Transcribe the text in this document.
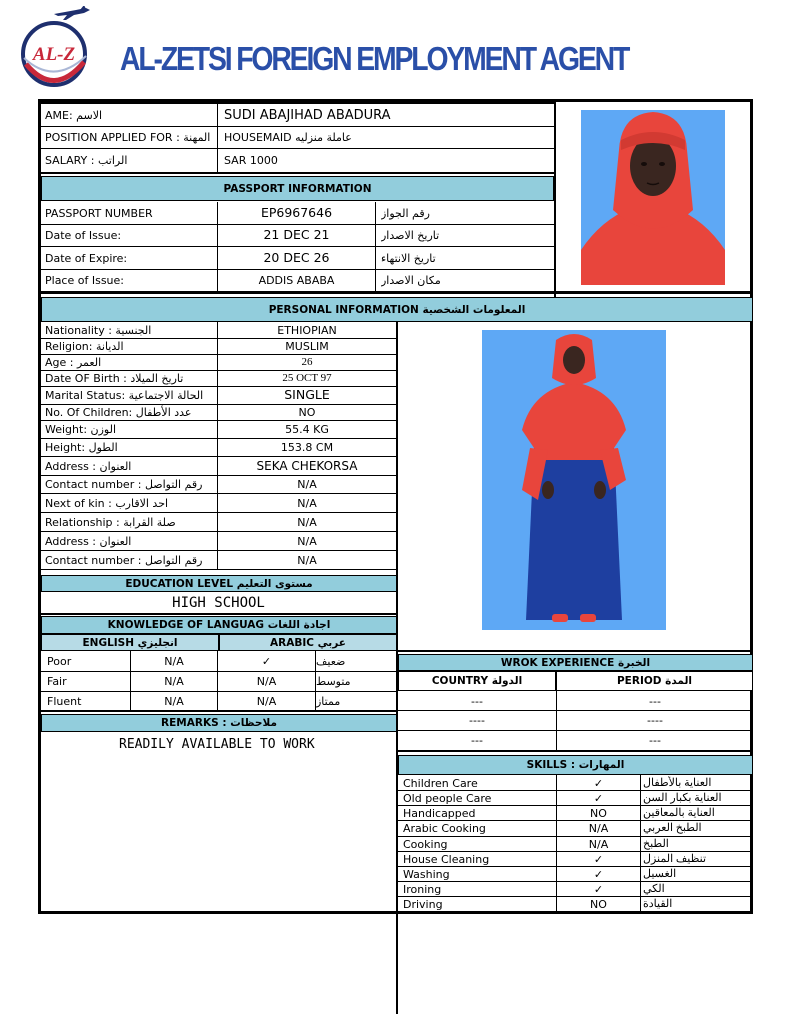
AL-Z AL-ZETSI FOREIGN EMPLOYMENT AGENT
AME: الاسم	SUDI ABAJIHAD ABADURA
POSITION APPLIED FOR : المهنة	HOUSEMAID عاملة منزليه
SALARY : الراتب	SAR 1000
PASSPORT INFORMATION
PASSPORT NUMBER	EP6967646	رقم الجواز
Date of Issue:	21 DEC 21	تاريخ الاصدار
Date of Expire:	20 DEC 26	تاريخ الانتهاء
Place of Issue:	ADDIS ABABA	مكان الاصدار
PERSONAL INFORMATION المعلومات الشخصية
Nationality : الجنسية	ETHIOPIAN
Religion: الديانة	MUSLIM
Age : العمر	26
Date OF Birth : تاريخ الميلاد	25 OCT 97
Marital Status: الحالة الاجتماعية	SINGLE
No. Of Children: عدد الأطفال	NO
Weight: الوزن	55.4 KG
Height: الطول	153.8 CM
Address : العنوان	SEKA CHEKORSA
Contact number : رقم التواصل	N/A
Next of kin : احد الاقارب	N/A
Relationship : صلة القرابة	N/A
Address : العنوان	N/A
Contact number : رقم التواصل	N/A
EDUCATION LEVEL مستوى التعليم
HIGH SCHOOL
KNOWLEDGE OF LANGUAG اجادة اللغات
ENGLISH انجليزي	ARABIC عربي
Poor	N/A	✓	ضعيف
Fair	N/A	N/A	متوسط
Fluent	N/A	N/A	ممتاز
REMARKS : ملاحظات
READILY AVAILABLE TO WORK
WROK EXPERIENCE الخبرة
COUNTRY الدولة	PERIOD المدة
---	---
----	----
---	---
SKILLS : المهارات
Children Care	✓	العناية بالأطفال
Old people Care	✓	العناية بكبار السن
Handicapped	NO	العناية بالمعاقين
Arabic Cooking	N/A	الطبخ العربي
Cooking	N/A	الطبخ
House Cleaning	✓	تنظيف المنزل
Washing	✓	الغسيل
Ironing	✓	الكي
Driving	NO	القيادة
